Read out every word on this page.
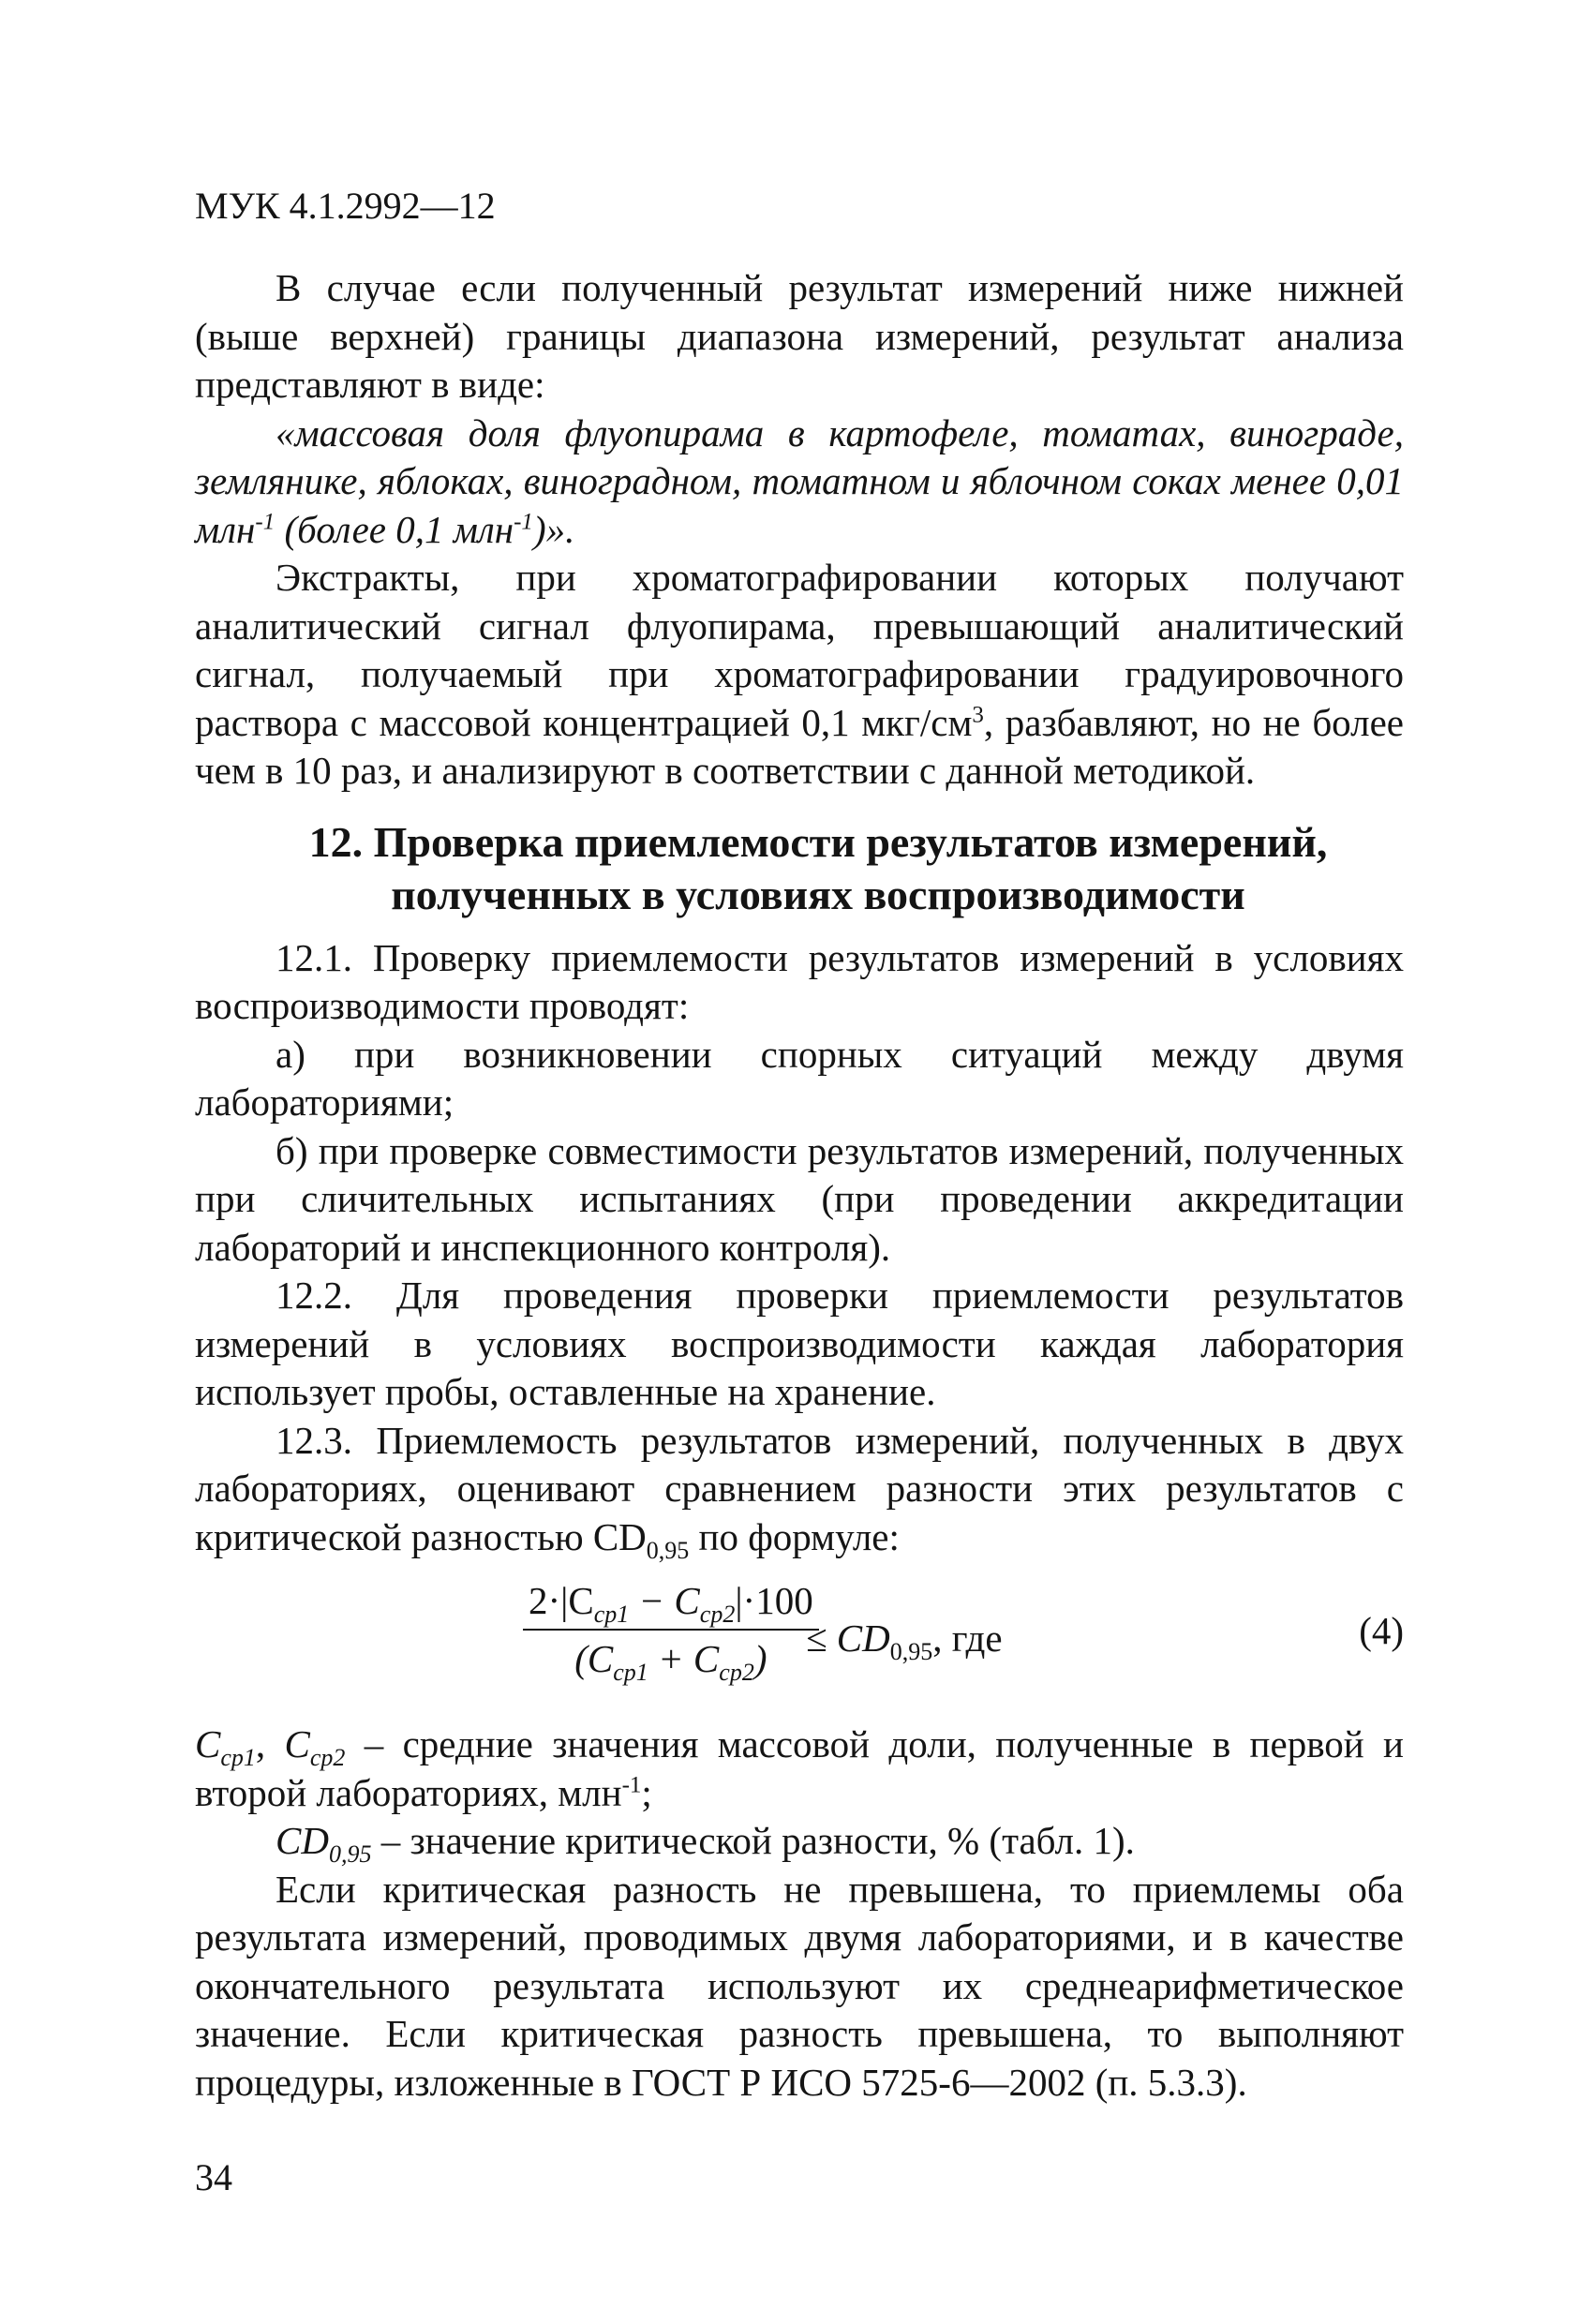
МУК 4.1.2992—12

В случае если полученный результат измерений ниже нижней (выше верхней) границы диапазона измерений, результат анализа представляют в виде:

«массовая доля флуопирама в картофеле, томатах, винограде, землянике, яблоках, виноградном, томатном и яблочном соках менее 0,01 млн$^{-1}$ (более 0,1 млн$^{-1}$)».

Экстракты, при хроматографировании которых получают аналитический сигнал флуопирама, превышающий аналитический сигнал, получаемый при хроматографировании градуировочного раствора с массовой концентрацией 0,1 мкг/$см^3$, разбавляют, но не более чем в 10 раз, и анализируют в соответствии с данной методикой.

12. Проверка приемлемости результатов измерений,
полученных в условиях воспроизводимости

12.1. Проверку приемлемости результатов измерений в условиях воспроизводимости проводят:

а) при возникновении спорных ситуаций между двумя лабораториями;

б) при проверке совместимости результатов измерений, полученных при сличительных испытаниях (при проведении аккредитации лабораторий и инспекционного контроля).

12.2. Для проведения проверки приемлемости результатов измерений в условиях воспроизводимости каждая лаборатория использует пробы, оставленные на хранение.

12.3. Приемлемость результатов измерений, полученных в двух лабораториях, оценивают сравнением разности этих результатов с критической разностью $CD_{0,95}$ по формуле:

$2\cdot|C_{ср1} - C_{ср2}|\cdot 100$
$(C_{ср1} + C_{ср2})$	≤ $CD_{0,95}$, где	(4)

$C_{cp1}$, $C_{cp2}$ – средние значения массовой доли, полученные в первой и второй лабораториях, млн$^{-1}$;

$CD_{0,95}$ – значение критической разности, % (табл. 1).

Если критическая разность не превышена, то приемлемы оба результата измерений, проводимых двумя лабораториями, и в качестве окончательного результата используют их среднеарифметическое значение. Если критическая разность превышена, то выполняют процедуры, изложенные в ГОСТ Р ИСО 5725-6—2002 (п. 5.3.3).

34
